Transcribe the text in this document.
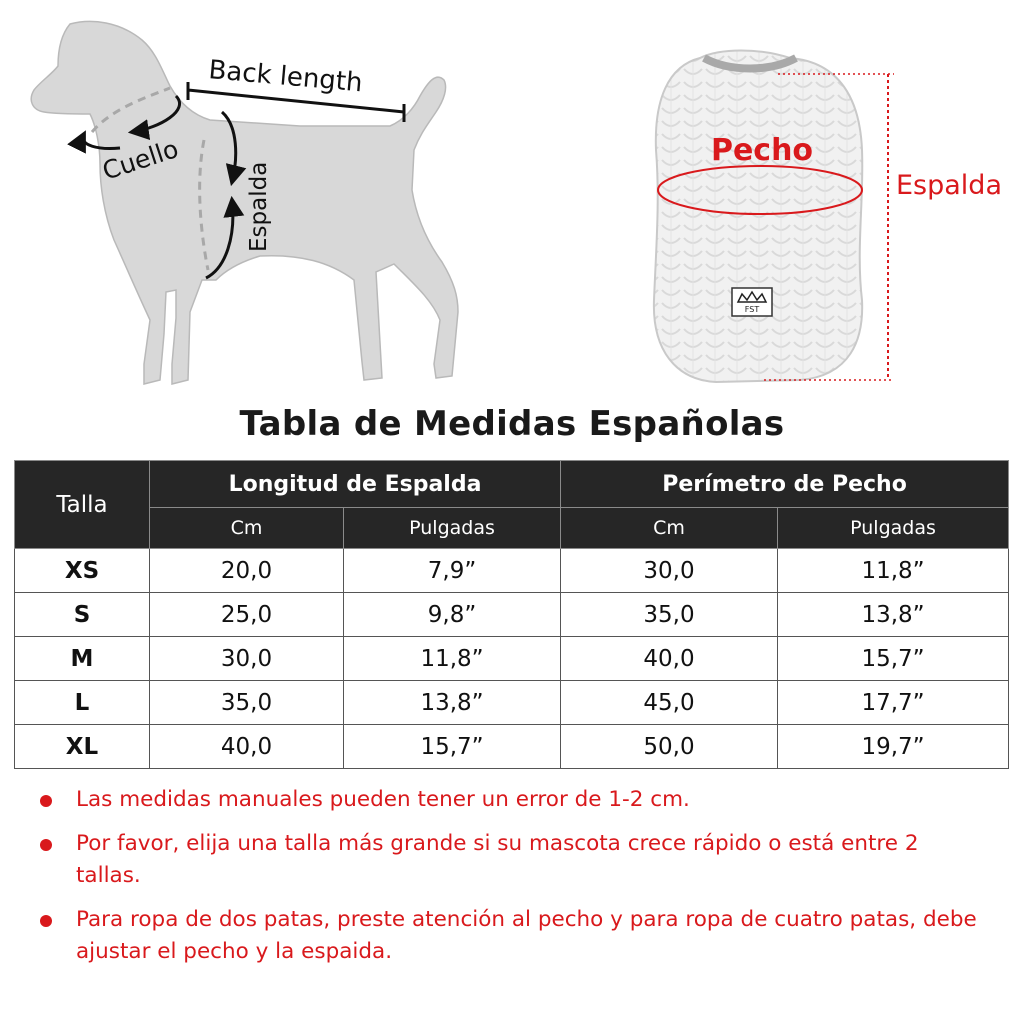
Back length
Cuello
Espalda
FST
Pecho
Espalda
Tabla de Medidas Españolas
Talla	Longitud de Espalda		Perímetro de Pecho	
	Cm	Pulgadas	Cm	Pulgadas
XS	20,0	7,9”	30,0	11,8”
S	25,0	9,8”	35,0	13,8”
M	30,0	11,8”	40,0	15,7”
L	35,0	13,8”	45,0	17,7”
XL	40,0	15,7”	50,0	19,7”
Las medidas manuales pueden tener un error de 1-2 cm.
Por favor, elija una talla más grande si su mascota crece rápido o está entre 2 tallas.
Para ropa de dos patas, preste atención al pecho y para ropa de cuatro patas, debe ajustar el pecho y la espaida.
